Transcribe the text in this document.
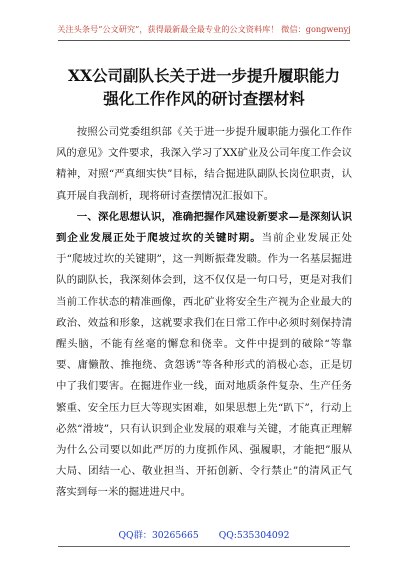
关注头条号“公文研究”，获得最新最全最专业的公文资料库！ 微信：gongwenyj
XX公司副队长关于进一步提升履职能力
强化工作作风的研讨查摆材料

按照公司党委组织部《关于进一步提升履职能力强化工作作风的意见》文件要求，我深入学习了XX矿业及公司年度工作会议精神，对照“严真细实快”目标，结合掘进队副队长岗位职责，认真开展自我剖析，现将研讨查摆情况汇报如下。

一、深化思想认识，准确把握作风建设新要求—是深刻认识到企业发展正处于爬坡过坎的关键时期。当前企业发展正处于“爬坡过坎的关键期”，这一判断振聋发聩。作为一名基层掘进队的副队长，我深刻体会到，这不仅仅是一句口号，更是对我们当前工作状态的精准画像，西北矿业将安全生产视为企业最大的政治、效益和形象，这就要求我们在日常工作中必须时刻保持清醒头脑，不能有丝毫的懈怠和侥幸。文件中提到的破除“等靠要、庸懒散、推拖绕、贪怨诱”等各种形式的消极心态，正是切中了我们要害。在掘进作业一线，面对地质条件复杂、生产任务繁重、安全压力巨大等现实困难，如果思想上先“趴下”，行动上必然“滑坡”，只有认识到企业发展的艰难与关键，才能真正理解为什么公司要以如此严厉的力度抓作风、强履职，才能把”服从大局、团结一心、敬业担当、开拓创新、令行禁止”的清风正气落实到每一米的掘进进尺中。

QQ群：30265665 QQ:535304092
